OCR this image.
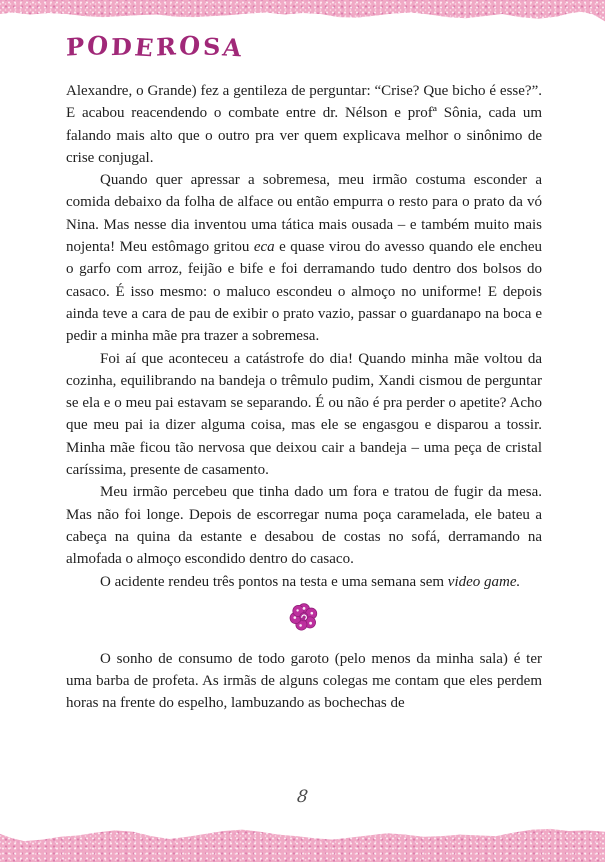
PODEROSA

Alexandre, o Grande) fez a gentileza de perguntar: “Crise? Que bicho é esse?”. E acabou reacendendo o combate entre dr. Nélson e profª Sônia, cada um falando mais alto que o outro pra ver quem explicava melhor o sinônimo de crise conjugal.

Quando quer apressar a sobremesa, meu irmão costuma esconder a comida debaixo da folha de alface ou então empurra o resto para o prato da vó Nina. Mas nesse dia inventou uma tática mais ousada – e também muito mais nojenta! Meu estômago gritou eca e quase virou do avesso quando ele encheu o garfo com arroz, feijão e bife e foi derramando tudo dentro dos bolsos do casaco. É isso mesmo: o maluco escondeu o almoço no uniforme! E depois ainda teve a cara de pau de exibir o prato vazio, passar o guardanapo na boca e pedir a minha mãe pra trazer a sobremesa.

Foi aí que aconteceu a catástrofe do dia! Quando minha mãe voltou da cozinha, equilibrando na bandeja o trêmulo pudim, Xandi cismou de perguntar se ela e o meu pai estavam se separando. É ou não é pra perder o apetite? Acho que meu pai ia dizer alguma coisa, mas ele se engasgou e disparou a tossir. Minha mãe ficou tão nervosa que deixou cair a bandeja – uma peça de cristal caríssima, presente de casamento.

Meu irmão percebeu que tinha dado um fora e tratou de fugir da mesa. Mas não foi longe. Depois de escorregar numa poça caramelada, ele bateu a cabeça na quina da estante e desabou de costas no sofá, derramando na almofada o almoço escondido dentro do casaco.

O acidente rendeu três pontos na testa e uma semana sem video game.

O sonho de consumo de todo garoto (pelo menos da minha sala) é ter uma barba de profeta. As irmãs de alguns colegas me contam que eles perdem horas na frente do espelho, lambuzando as bochechas de

8
